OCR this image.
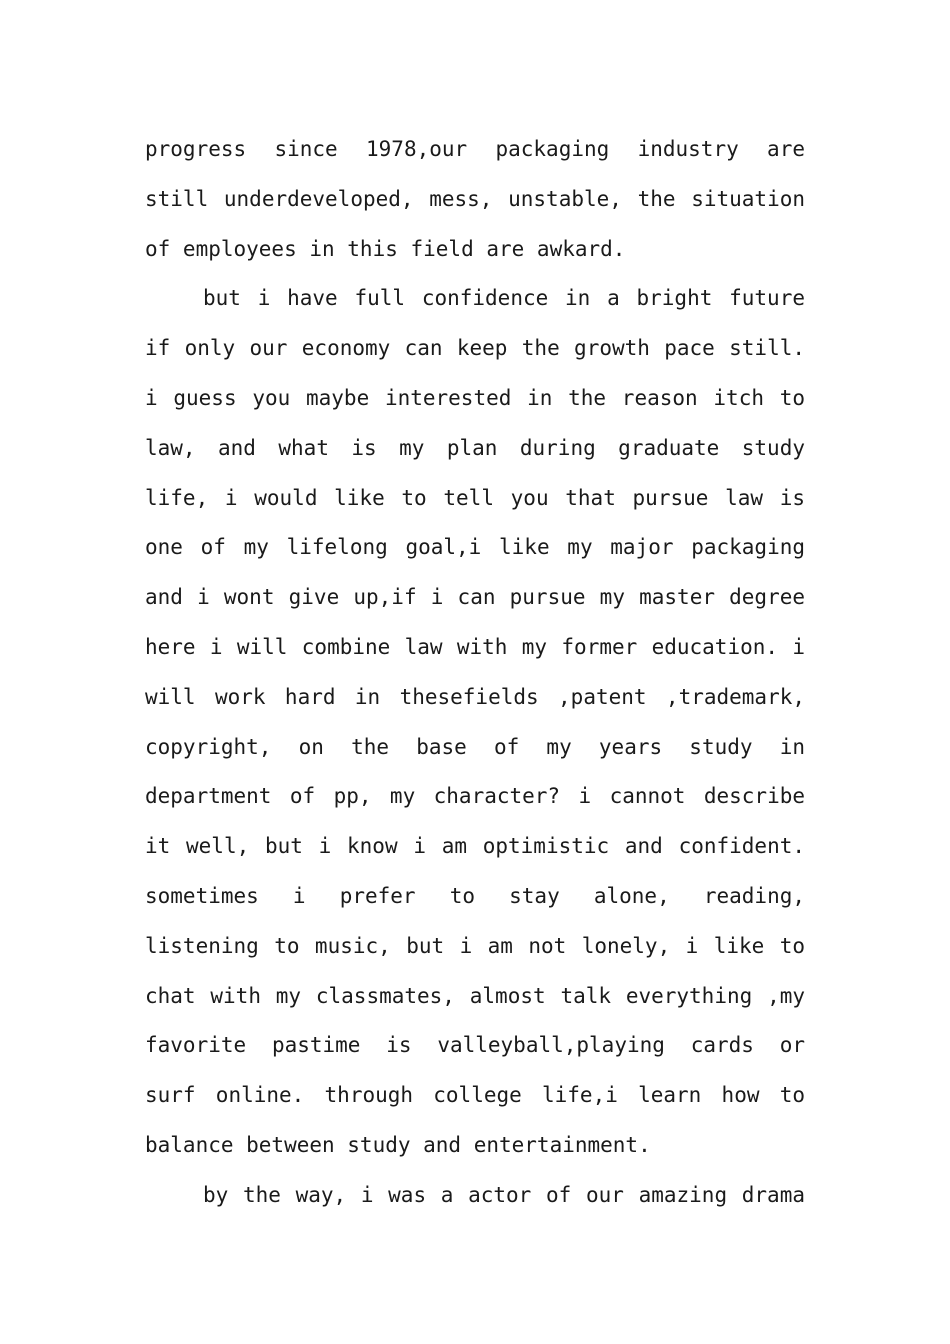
progress since 1978,our packaging industry are
still underdeveloped, mess, unstable, the situation
of employees in this field are awkard.
but i have full confidence in a bright future
if only our economy can keep the growth pace still.
i guess you maybe interested in the reason itch to
law, and what is my plan during graduate study
life, i would like to tell you that pursue law is
one of my lifelong goal,i like my major packaging
and i wont give up,if i can pursue my master degree
here i will combine law with my former education. i
will work hard in thesefields ,patent ,trademark,
copyright, on the base of my years study in
department of pp, my character? i cannot describe
it well, but i know i am optimistic and confident.
sometimes i prefer to stay alone, reading,
listening to music, but i am not lonely, i like to
chat with my classmates, almost talk everything ,my
favorite pastime is valleyball,playing cards or
surf online. through college life,i learn how to
balance between study and entertainment.
by the way, i was a actor of our amazing drama
